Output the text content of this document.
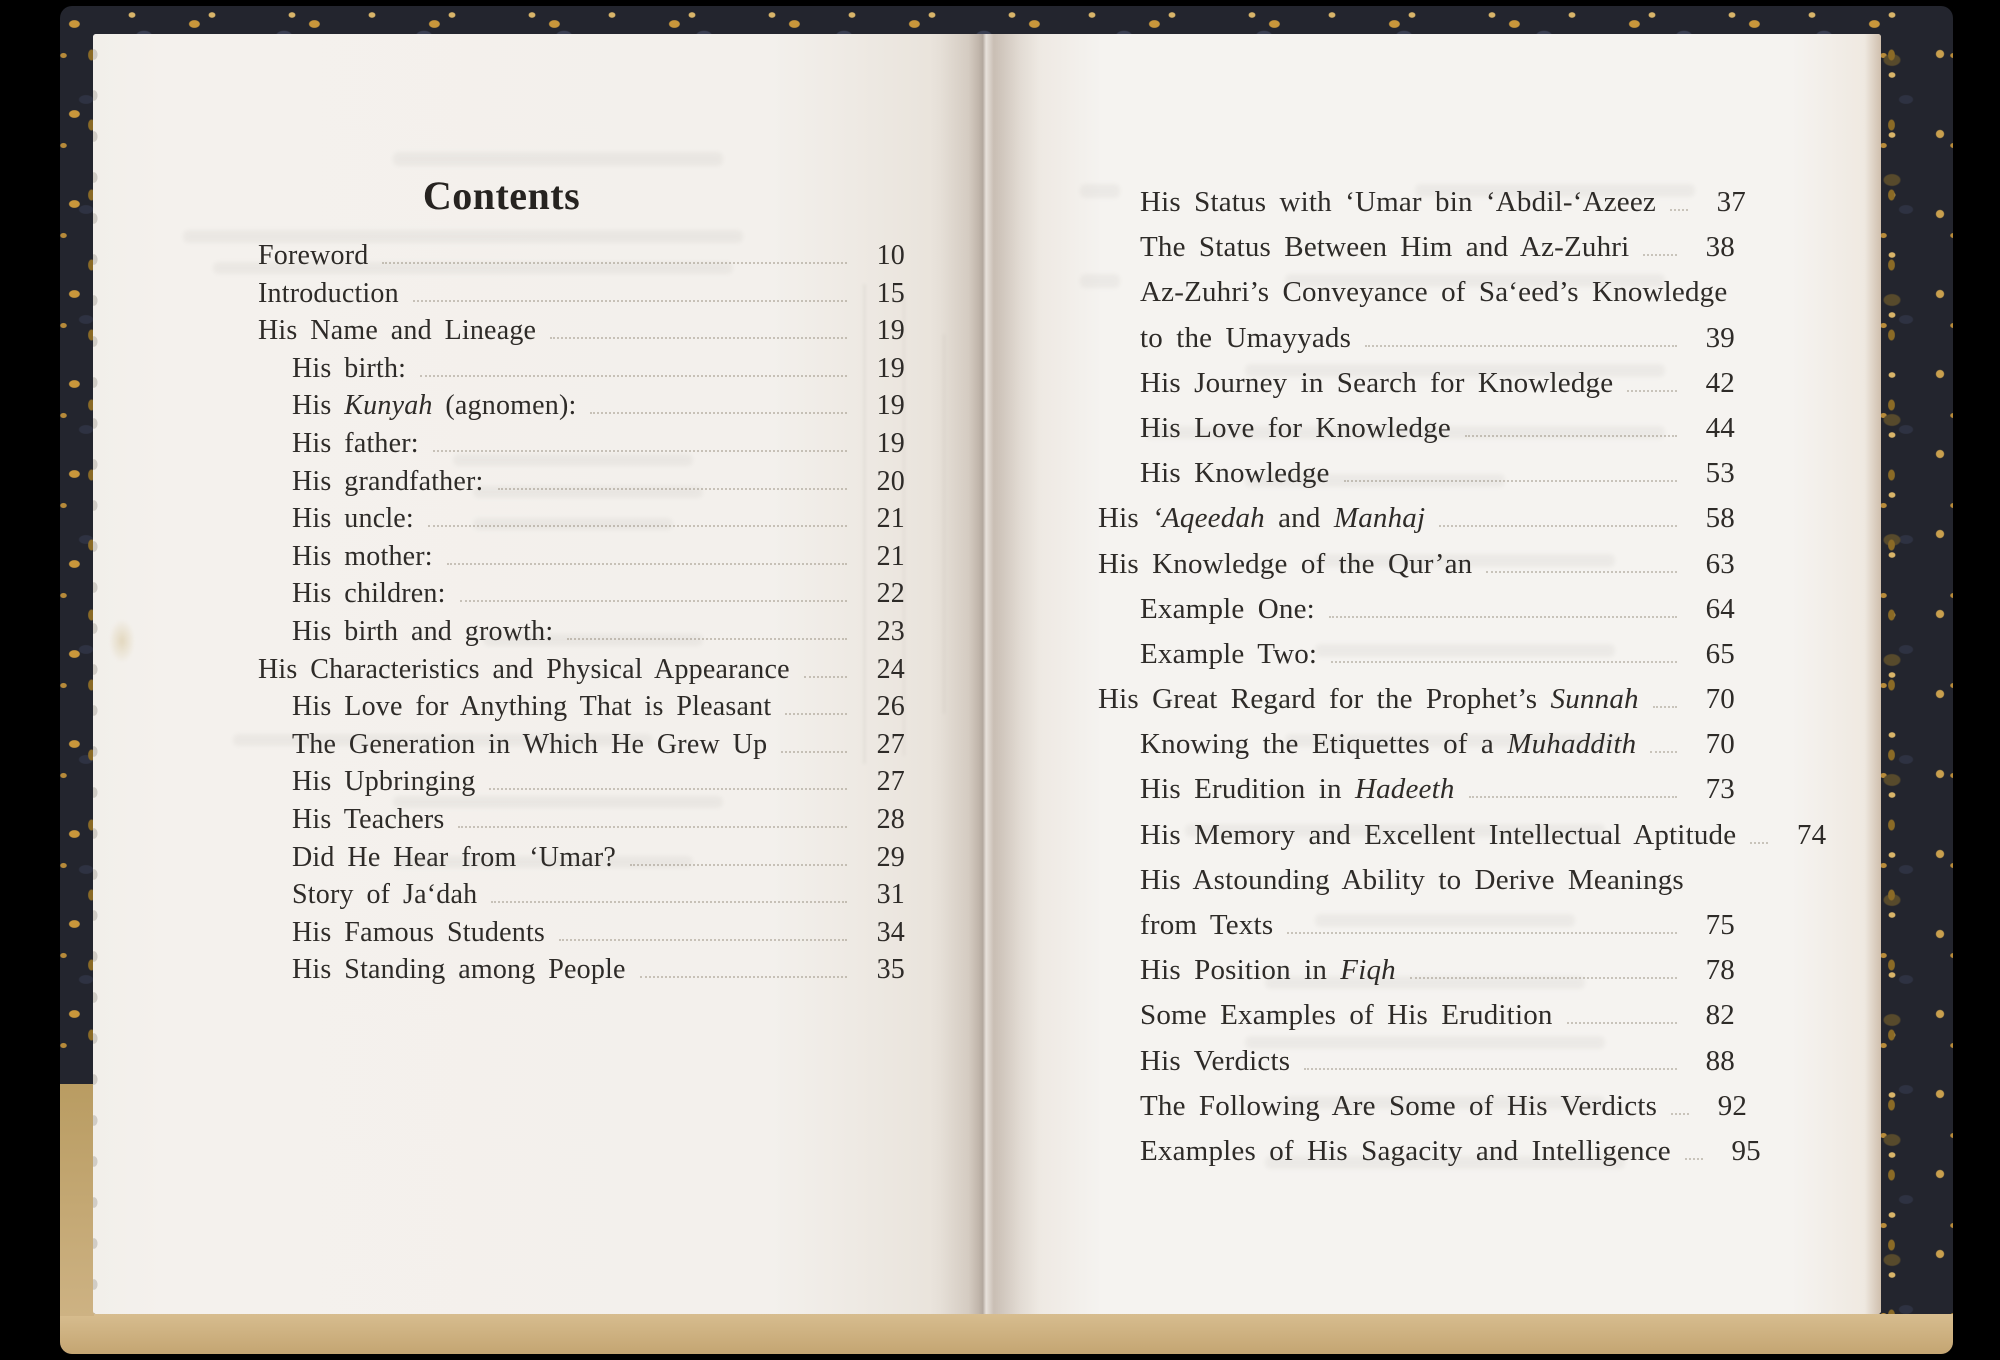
Contents
Foreword	10
Introduction	15
His Name and Lineage	19
His birth:	19
His Kunyah (agnomen):	19
His father:	19
His grandfather:	20
His uncle:	21
His mother:	21
His children:	22
His birth and growth:	23
His Characteristics and Physical Appearance	24
His Love for Anything That is Pleasant	26
The Generation in Which He Grew Up	27
His Upbringing	27
His Teachers	28
Did He Hear from ‘Umar?	29
Story of Ja‘dah	31
His Famous Students	34
His Standing among People	35
His Status with ‘Umar bin ‘Abdil-‘Azeez	37
The Status Between Him and Az-Zuhri	38
Az-Zuhri’s Conveyance of Sa‘eed’s Knowledge
to the Umayyads	39
His Journey in Search for Knowledge	42
His Love for Knowledge	44
His Knowledge	53
His ‘Aqeedah and Manhaj	58
His Knowledge of the Qur’an	63
Example One:	64
Example Two:	65
His Great Regard for the Prophet’s Sunnah	70
Knowing the Etiquettes of a Muhaddith	70
His Erudition in Hadeeth	73
His Memory and Excellent Intellectual Aptitude	74
His Astounding Ability to Derive Meanings
from Texts	75
His Position in Fiqh	78
Some Examples of His Erudition	82
His Verdicts	88
The Following Are Some of His Verdicts	92
Examples of His Sagacity and Intelligence	95
